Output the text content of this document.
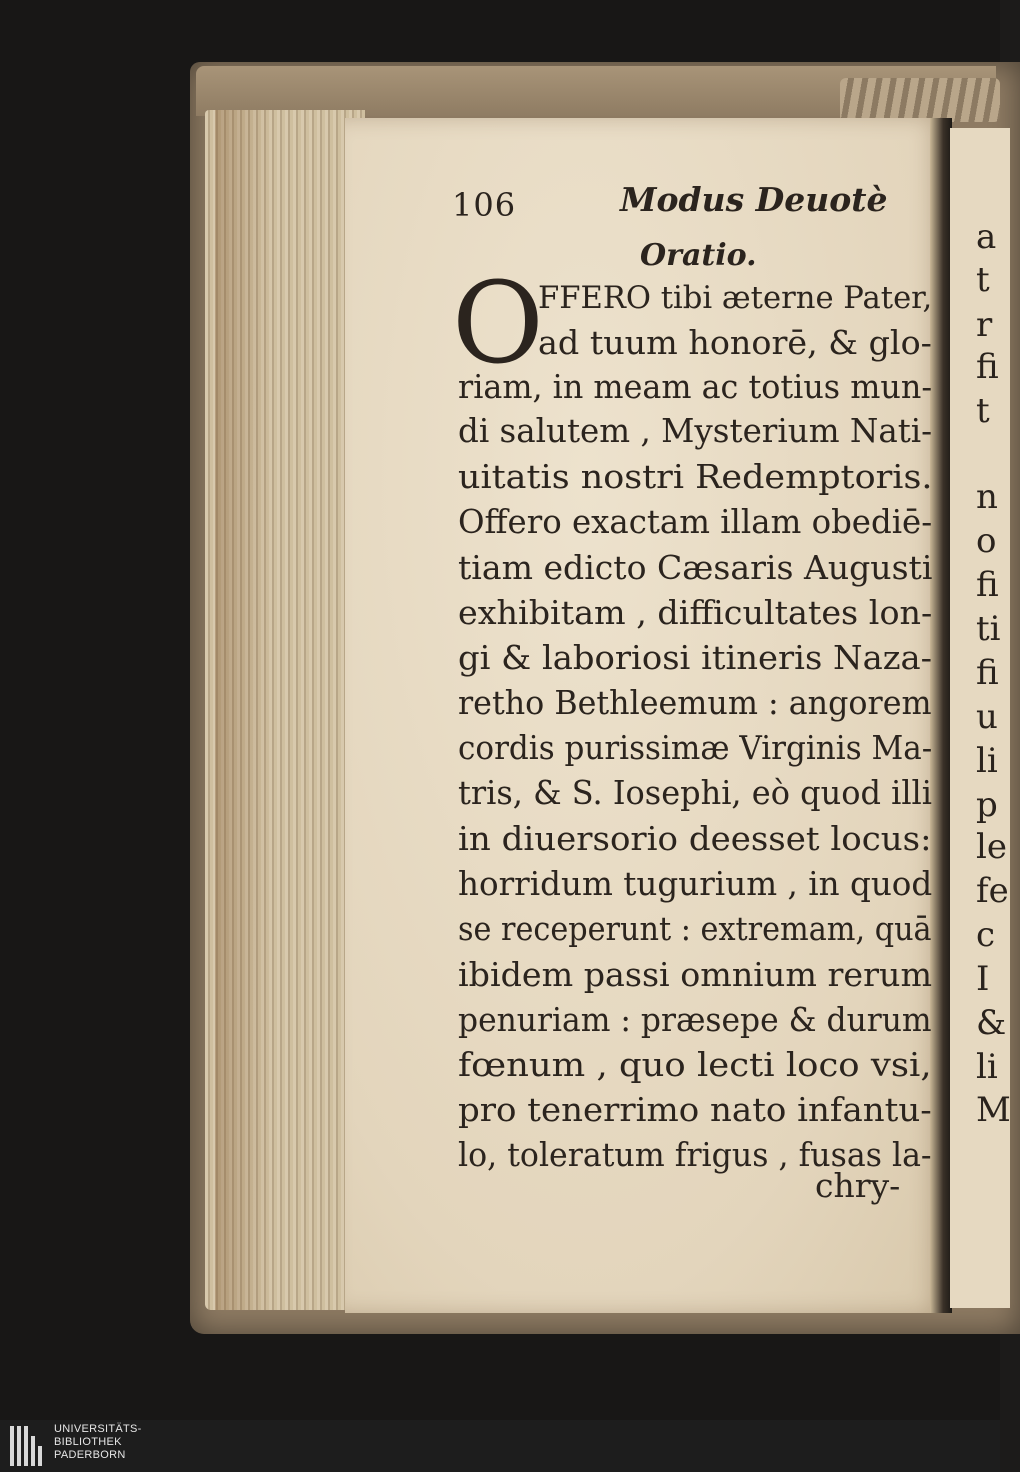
a
t
r
fi
t
n
o
fi
ti
fi
u
li
p
le
fe
c
I
&
li
M
106	Modus Deuotè
Oratio.
O
FFERO tibi æterne Pater,
ad tuum honorē, & glo-
riam, in meam ac totius mun-
di salutem , Mysterium Nati-
uitatis nostri Redemptoris.
Offero exactam illam obediē-
tiam edicto Cæsaris Augusti
exhibitam , difficultates lon-
gi & laboriosi itineris Naza-
retho Bethleemum : angorem
cordis purissimæ Virginis Ma-
tris, & S. Iosephi, eò quod illi
in diuersorio deesset locus:
horridum tugurium , in quod
se receperunt : extremam, quā
ibidem passi omnium rerum
penuriam : præsepe & durum
fœnum , quo lecti loco vsi,
pro tenerrimo nato infantu-
lo, toleratum frigus , fusas la-
chry-
UNIVERSITÄTS-
BIBLIOTHEK
PADERBORN
